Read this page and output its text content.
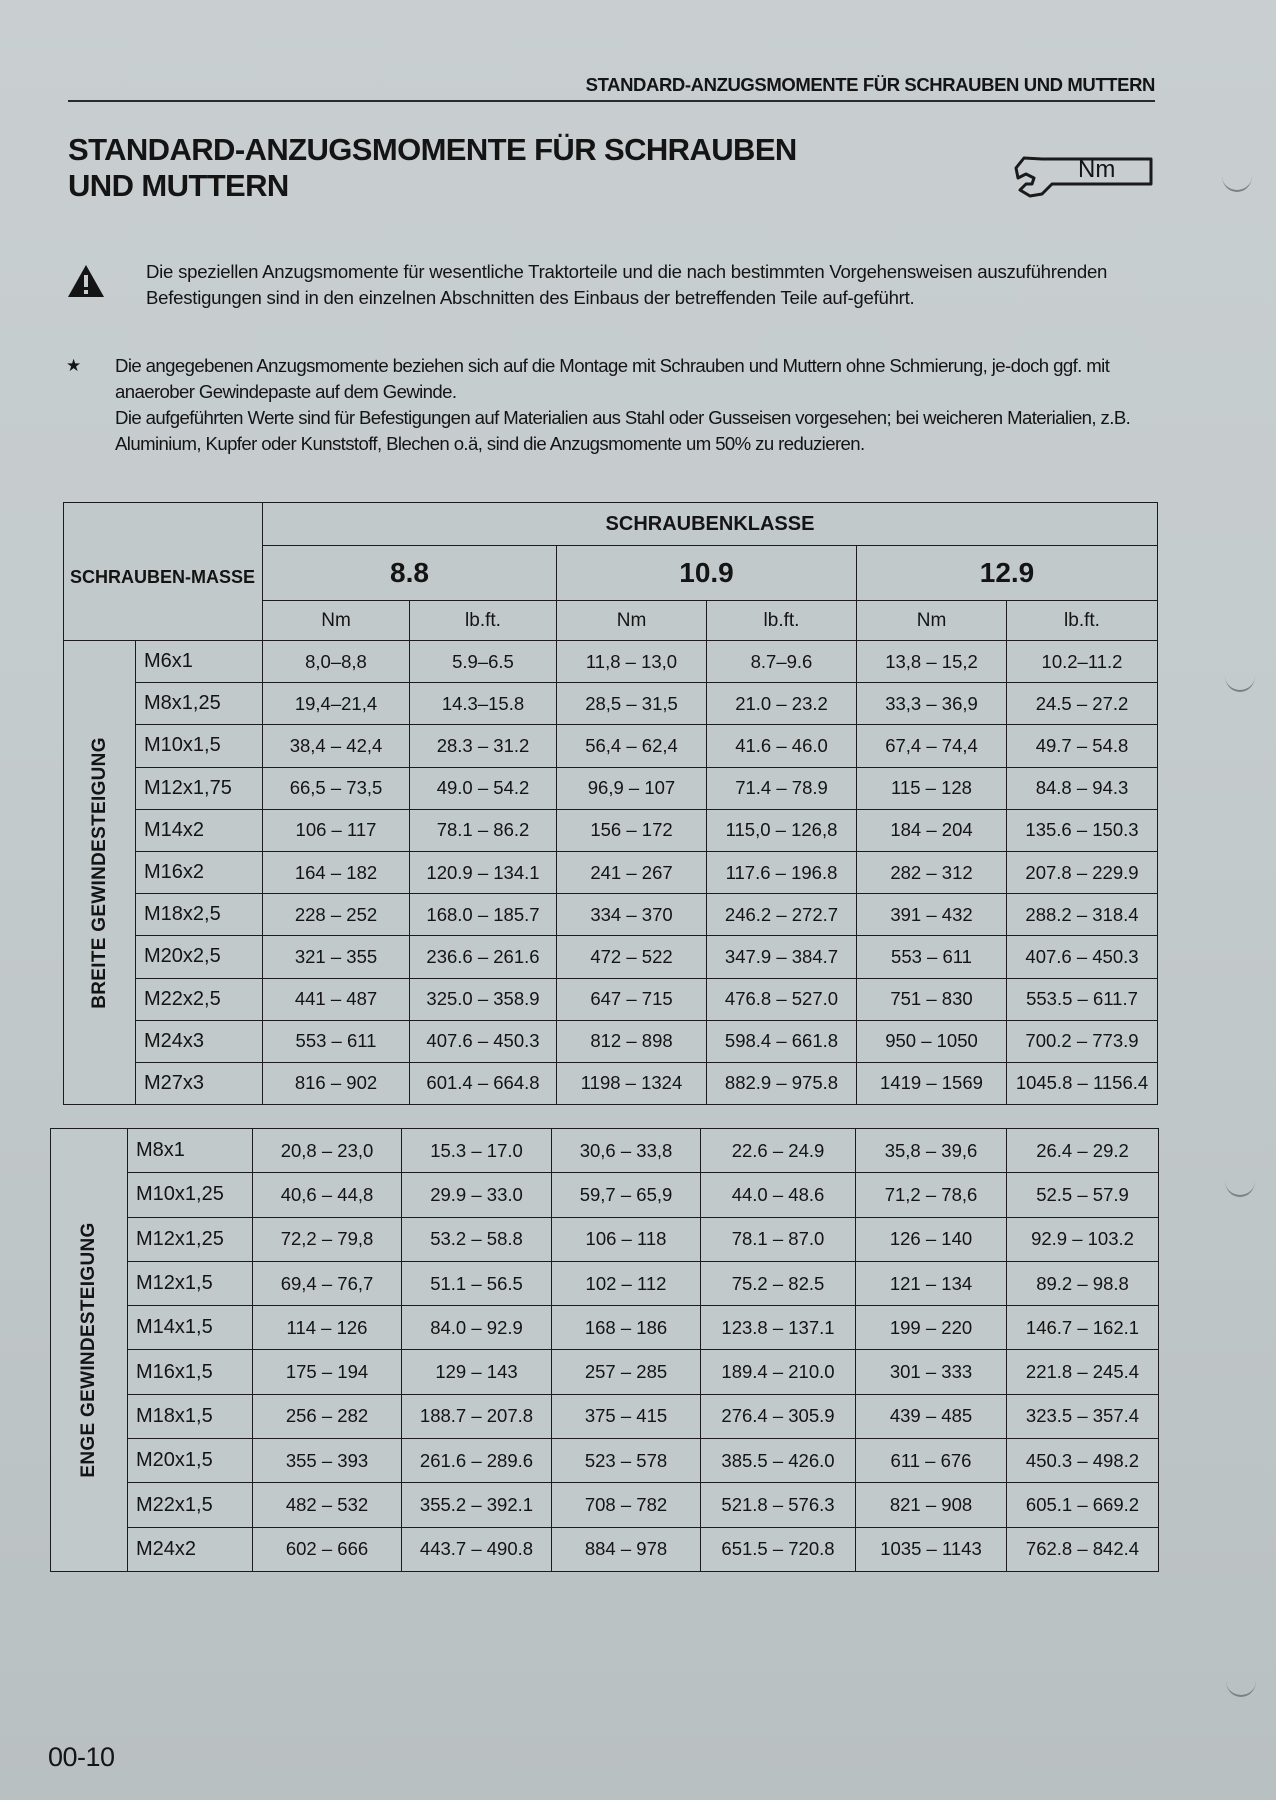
STANDARD-ANZUGSMOMENTE FÜR SCHRAUBEN UND MUTTERN
STANDARD-ANZUGSMOMENTE FÜR SCHRAUBEN
UND MUTTERN	Nm
Die speziellen Anzugsmomente für wesentliche Traktorteile und die nach bestimmten Vorgehensweisen auszuführenden Befestigungen sind in den einzelnen Abschnitten des Einbaus der betreffenden Teile auf-geführt.
★ Die angegebenen Anzugsmomente beziehen sich auf die Montage mit Schrauben und Muttern ohne Schmierung, je-doch ggf. mit anaerober Gewindepaste auf dem Gewinde.
Die aufgeführten Werte sind für Befestigungen auf Materialien aus Stahl oder Gusseisen vorgesehen; bei weicheren Materialien, z.B. Aluminium, Kupfer oder Kunststoff, Blechen o.ä, sind die Anzugsmomente um 50% zu reduzieren.
SCHRAUBEN-MASSE		SCHRAUBENKLASSE					
		8.8		10.9		12.9	
		Nm	lb.ft.	Nm	lb.ft.	Nm	lb.ft.

BREITE GEWINDESTEIGUNG	M6x1	8,0–8,8	5.9–6.5	11,8 – 13,0	8.7–9.6	13,8 – 15,2	10.2–11.2
	M8x1,25	19,4–21,4	14.3–15.8	28,5 – 31,5	21.0 – 23.2	33,3 – 36,9	24.5 – 27.2
	M10x1,5	38,4 – 42,4	28.3 – 31.2	56,4 – 62,4	41.6 – 46.0	67,4 – 74,4	49.7 – 54.8
	M12x1,75	66,5 – 73,5	49.0 – 54.2	96,9 – 107	71.4 – 78.9	115 – 128	84.8 – 94.3
	M14x2	106 – 117	78.1 – 86.2	156 – 172	115,0 – 126,8	184 – 204	135.6 – 150.3
	M16x2	164 – 182	120.9 – 134.1	241 – 267	117.6 – 196.8	282 – 312	207.8 – 229.9
	M18x2,5	228 – 252	168.0 – 185.7	334 – 370	246.2 – 272.7	391 – 432	288.2 – 318.4
	M20x2,5	321 – 355	236.6 – 261.6	472 – 522	347.9 – 384.7	553 – 611	407.6 – 450.3
	M22x2,5	441 – 487	325.0 – 358.9	647 – 715	476.8 – 527.0	751 – 830	553.5 – 611.7
	M24x3	553 – 611	407.6 – 450.3	812 – 898	598.4 – 661.8	950 – 1050	700.2 – 773.9
	M27x3	816 – 902	601.4 – 664.8	1198 – 1324	882.9 – 975.8	1419 – 1569	1045.8 – 1156.4
ENGE GEWINDESTEIGUNG	M8x1	20,8 – 23,0	15.3 – 17.0	30,6 – 33,8	22.6 – 24.9	35,8 – 39,6	26.4 – 29.2
	M10x1,25	40,6 – 44,8	29.9 – 33.0	59,7 – 65,9	44.0 – 48.6	71,2 – 78,6	52.5 – 57.9
	M12x1,25	72,2 – 79,8	53.2 – 58.8	106 – 118	78.1 – 87.0	126 – 140	92.9 – 103.2
	M12x1,5	69,4 – 76,7	51.1 – 56.5	102 – 112	75.2 – 82.5	121 – 134	89.2 – 98.8
	M14x1,5	114 – 126	84.0 – 92.9	168 – 186	123.8 – 137.1	199 – 220	146.7 – 162.1
	M16x1,5	175 – 194	129 – 143	257 – 285	189.4 – 210.0	301 – 333	221.8 – 245.4
	M18x1,5	256 – 282	188.7 – 207.8	375 – 415	276.4 – 305.9	439 – 485	323.5 – 357.4
	M20x1,5	355 – 393	261.6 – 289.6	523 – 578	385.5 – 426.0	611 – 676	450.3 – 498.2
	M22x1,5	482 – 532	355.2 – 392.1	708 – 782	521.8 – 576.3	821 – 908	605.1 – 669.2
	M24x2	602 – 666	443.7 – 490.8	884 – 978	651.5 – 720.8	1035 – 1143	762.8 – 842.4
00-10
